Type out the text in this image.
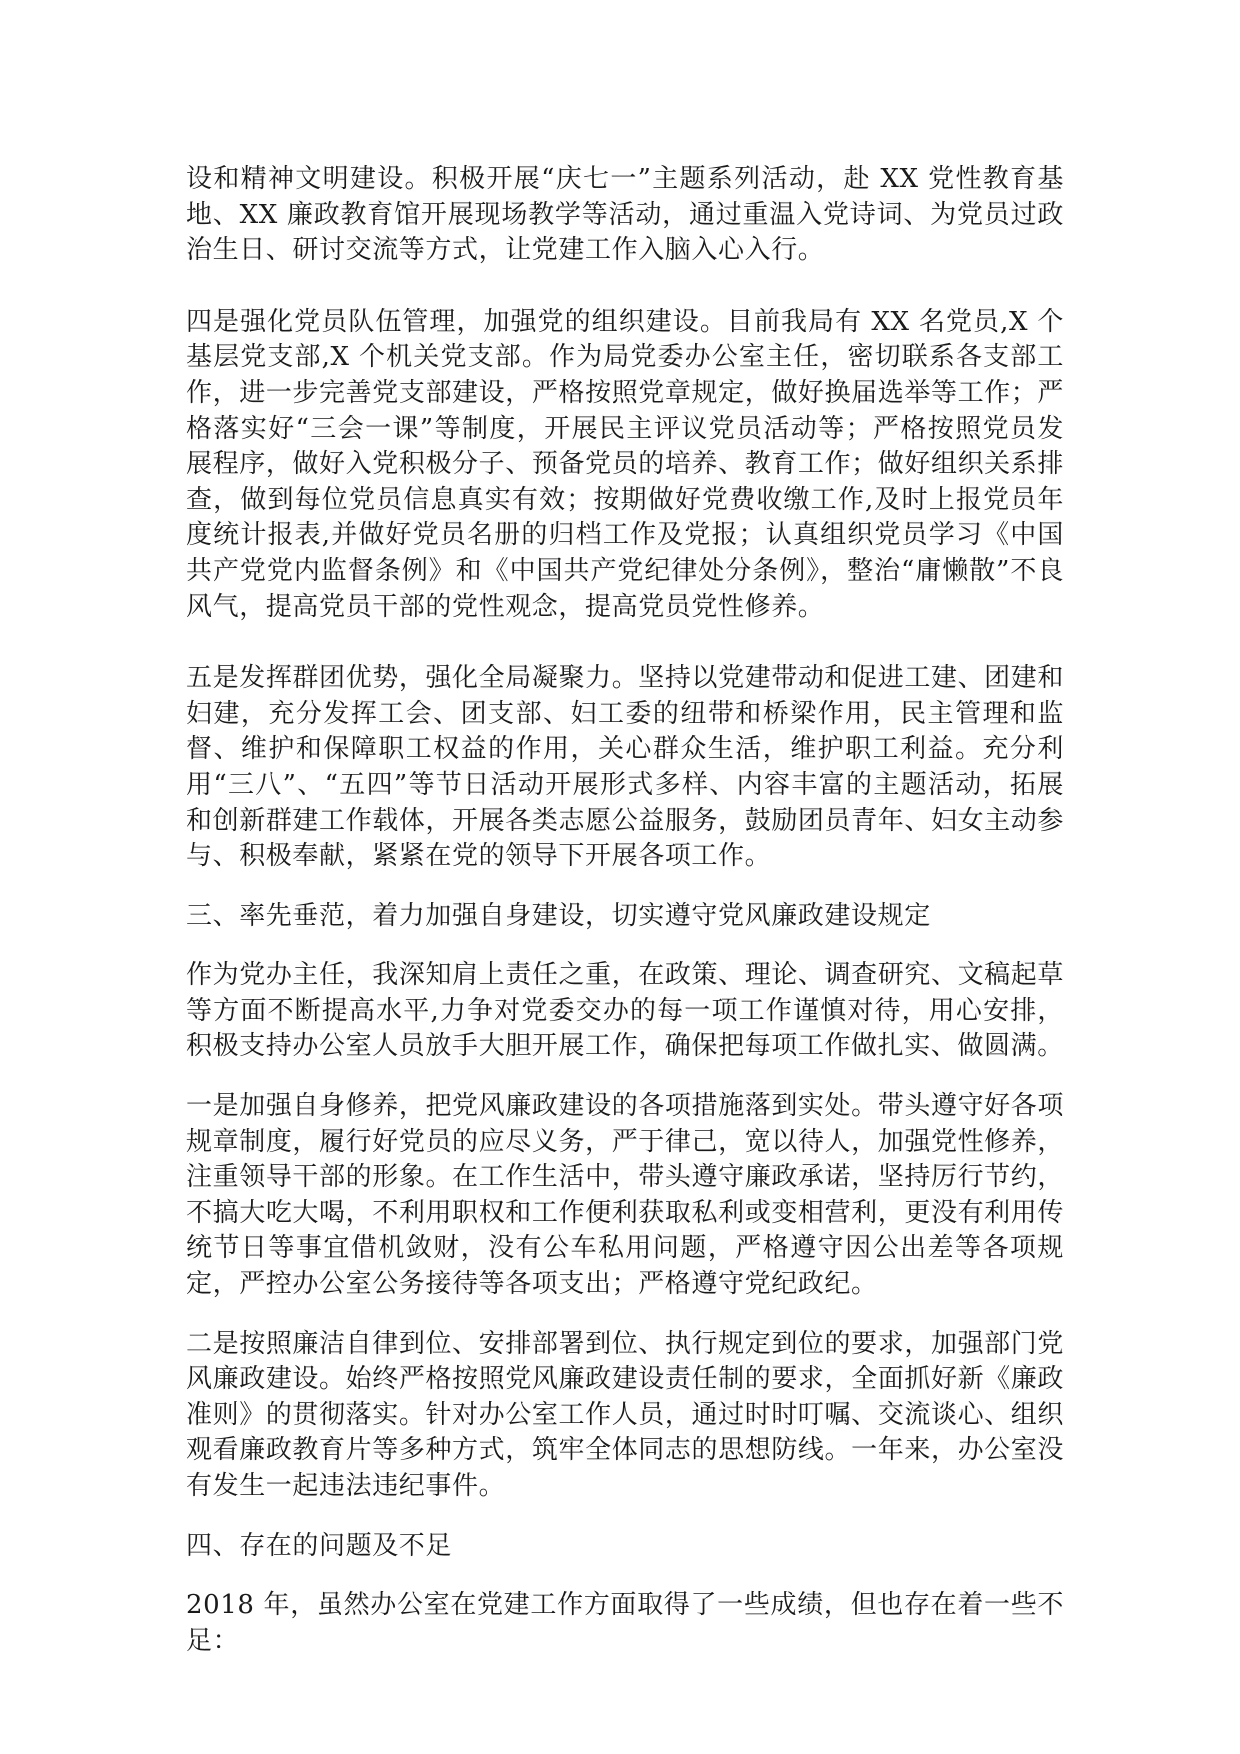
设和精神文明建设。积极开展“庆七一”主题系列活动，赴 XX 党性教育基地、XX 廉政教育馆开展现场教学等活动，通过重温入党诗词、为党员过政治生日、研讨交流等方式，让党建工作入脑入心入行。

四是强化党员队伍管理，加强党的组织建设。目前我局有 XX 名党员,X 个基层党支部,X 个机关党支部。作为局党委办公室主任，密切联系各支部工作，进一步完善党支部建设，严格按照党章规定，做好换届选举等工作；严格落实好“三会一课”等制度，开展民主评议党员活动等；严格按照党员发展程序，做好入党积极分子、预备党员的培养、教育工作；做好组织关系排查，做到每位党员信息真实有效；按期做好党费收缴工作,及时上报党员年度统计报表,并做好党员名册的归档工作及党报；认真组织党员学习《中国共产党党内监督条例》和《中国共产党纪律处分条例》，整治“庸懒散”不良风气，提高党员干部的党性观念，提高党员党性修养。

五是发挥群团优势，强化全局凝聚力。坚持以党建带动和促进工建、团建和妇建，充分发挥工会、团支部、妇工委的纽带和桥梁作用，民主管理和监督、维护和保障职工权益的作用，关心群众生活，维护职工利益。充分利用“三八”、“五四”等节日活动开展形式多样、内容丰富的主题活动，拓展和创新群建工作载体，开展各类志愿公益服务，鼓励团员青年、妇女主动参与、积极奉献，紧紧在党的领导下开展各项工作。

三、率先垂范，着力加强自身建设，切实遵守党风廉政建设规定

作为党办主任，我深知肩上责任之重，在政策、理论、调查研究、文稿起草等方面不断提高水平,力争对党委交办的每一项工作谨慎对待，用心安排，积极支持办公室人员放手大胆开展工作，确保把每项工作做扎实、做圆满。

一是加强自身修养，把党风廉政建设的各项措施落到实处。带头遵守好各项规章制度，履行好党员的应尽义务，严于律己，宽以待人，加强党性修养，注重领导干部的形象。在工作生活中，带头遵守廉政承诺，坚持厉行节约，不搞大吃大喝，不利用职权和工作便利获取私利或变相营利，更没有利用传统节日等事宜借机敛财，没有公车私用问题，严格遵守因公出差等各项规定，严控办公室公务接待等各项支出；严格遵守党纪政纪。

二是按照廉洁自律到位、安排部署到位、执行规定到位的要求，加强部门党风廉政建设。始终严格按照党风廉政建设责任制的要求，全面抓好新《廉政准则》的贯彻落实。针对办公室工作人员，通过时时叮嘱、交流谈心、组织观看廉政教育片等多种方式，筑牢全体同志的思想防线。一年来，办公室没有发生一起违法违纪事件。

四、存在的问题及不足

2018 年，虽然办公室在党建工作方面取得了一些成绩，但也存在着一些不足：
